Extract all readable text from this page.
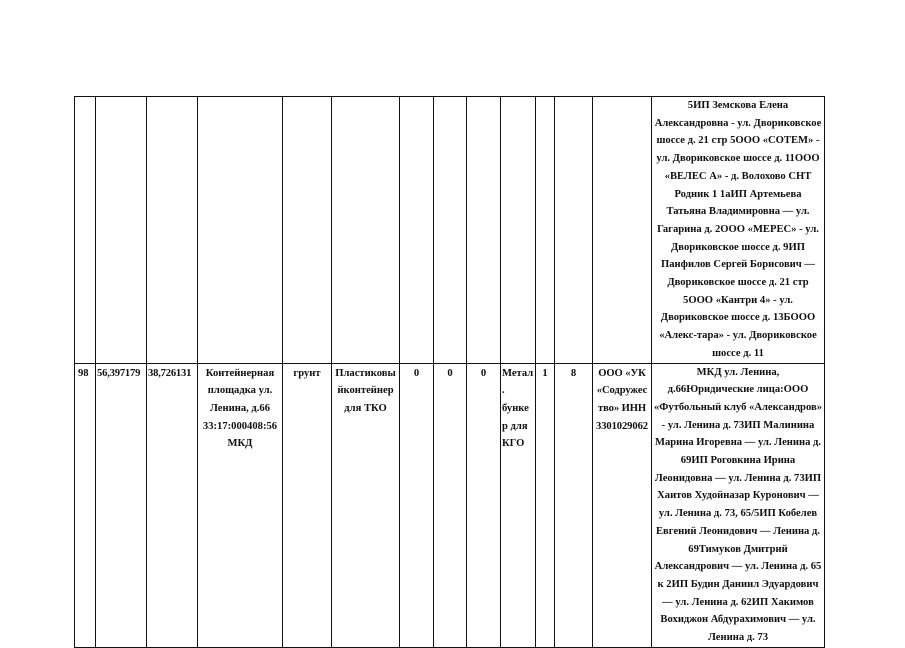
													5ИП Земскова Елена Александровна - ул. Двориковское шоссе д. 21 стр 5ООО «СОТЕМ» - ул. Двориковское шоссе д. 11ООО «ВЕЛЕС А» - д. Волохово СНТ Родник 1 1аИП Артемьева Татьяна Владимировна — ул. Гагарина д. 2ООО «МЕРЕС» - ул. Двориковское шоссе д. 9ИП Панфилов Сергей Борисович — Двориковское шоссе д. 21 стр 5ООО «Кантри 4» - ул. Двориковское шоссе д. 13БООО «Алекс-тара» - ул. Двориковское шоссе д. 11
98	56,397179	38,726131	Контейнерная площадка ул. Ленина, д.66 33:17:000408:56 МКД	грунт	Пластиковы йконтейнер для ТКО	0	0	0	Метал. бункер для КГО	1	8	ООО «УК «Содружес тво» ИНН 3301029062	МКД ул. Ленина, д.66Юридические лица:ООО «Футбольный клуб «Александров» - ул. Ленина д. 73ИП Малинина Марина Игоревна — ул. Ленина д. 69ИП Роговкина Ирина Леонидовна — ул. Ленина д. 73ИП Хаитов Худойназар Куронович — ул. Ленина д. 73, 65/5ИП Кобелев Евгений Леонидович — Ленина д. 69Тимуков Дмитрий Александрович — ул. Ленина д. 65 к 2ИП Будин Даниил Эдуардович — ул. Ленина д. 62ИП Хакимов Вохиджон Абдурахимович — ул. Ленина д. 73
